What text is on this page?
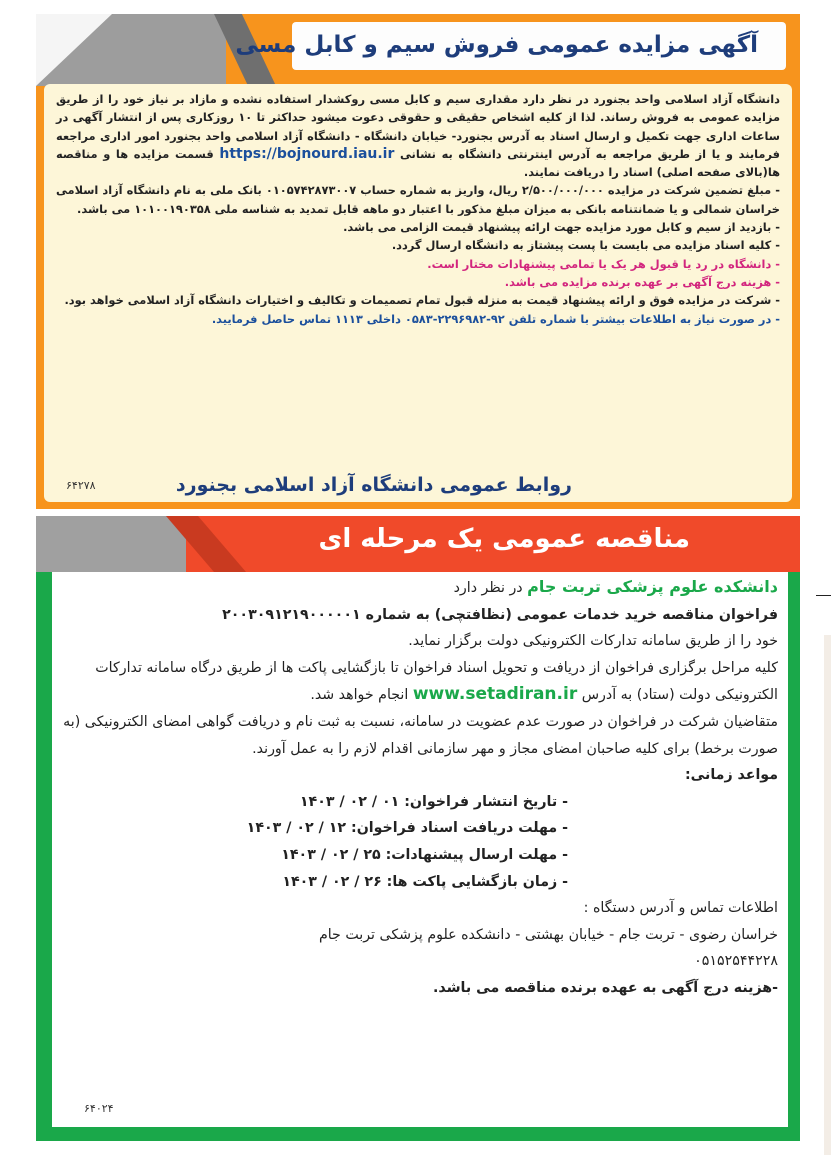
آگهی مزایده عمومی فروش سیم و کابل مسی

دانشگاه آزاد اسلامی واحد بجنورد در نظر دارد مقداری سیم و کابل مسی روکشدار استفاده نشده و مازاد بر نیاز خود را از طریق مزایده عمومی به فروش رساند. لذا از کلیه اشخاص حقیقی و حقوقی دعوت میشود حداکثر تا ۱۰ روزکاری پس از انتشار آگهی در ساعات اداری جهت تکمیل و ارسال اسناد به آدرس بجنورد- خیابان دانشگاه - دانشگاه آزاد اسلامی واحد بجنورد امور اداری مراجعه فرمایند و یا از طریق مراجعه به آدرس اینترنتی دانشگاه به نشانی https://bojnourd.iau.ir قسمت مزایده ها و مناقصه ها(بالای صفحه اصلی) اسناد را دریافت نمایند.

- مبلغ تضمین شرکت در مزایده ۲/۵۰۰/۰۰۰/۰۰۰ ریال، واریز به شماره حساب ۰۱۰۵۷۴۲۸۷۳۰۰۷ بانک ملی به نام دانشگاه آزاد اسلامی خراسان شمالی و یا ضمانتنامه بانکی به میزان مبلغ مذکور با اعتبار دو ماهه قابل تمدید به شناسه ملی ۱۰۱۰۰۱۹۰۳۵۸ می باشد.

- بازدید از سیم و کابل مورد مزایده جهت ارائه پیشنهاد قیمت الزامی می باشد.

- کلیه اسناد مزایده می بایست با پست پیشتاز به دانشگاه ارسال گردد.

- دانشگاه در رد یا قبول هر یک یا تمامی پیشنهادات مختار است.

- هزینه درج آگهی بر عهده برنده مزایده می باشد.

- شرکت در مزایده فوق و ارائه پیشنهاد قیمت به منزله قبول تمام تصمیمات و تکالیف و اختیارات دانشگاه آزاد اسلامی خواهد بود.

- در صورت نیاز به اطلاعات بیشتر با شماره تلفن ۹۲-۲۲۹۶۹۸۲-۰۵۸۳ داخلی ۱۱۱۳ تماس حاصل فرمایید.

روابط عمومی دانشگاه آزاد اسلامی بجنورد
۶۴۲۷۸
مناقصه عمومی یک مرحله ای

دانشکده علوم پزشکی تربت جام در نظر دارد

فراخوان مناقصه خرید خدمات عمومی (نظافتچی) به شماره ۲۰۰۳۰۹۱۲۱۹۰۰۰۰۰۱

خود را از طریق سامانه تدارکات الکترونیکی دولت برگزار نماید.

کلیه مراحل برگزاری فراخوان از دریافت و تحویل اسناد فراخوان تا بازگشایی پاکت ها از طریق درگاه سامانه تدارکات الکترونیکی دولت (ستاد) به آدرس www.setadiran.ir انجام خواهد شد.

متقاضیان شرکت در فراخوان در صورت عدم عضویت در سامانه، نسبت به ثبت نام و دریافت گواهی امضای الکترونیکی (به صورت برخط) برای کلیه صاحبان امضای مجاز و مهر سازمانی اقدام لازم را به عمل آورند.

مواعد زمانی:

- تاریخ انتشار فراخوان: ۰۱ / ۰۲ / ۱۴۰۳

- مهلت دریافت اسناد فراخوان: ۱۲ / ۰۲ / ۱۴۰۳

- مهلت ارسال پیشنهادات: ۲۵ / ۰۲ / ۱۴۰۳

- زمان بازگشایی پاکت ها: ۲۶ / ۰۲ / ۱۴۰۳

اطلاعات تماس و آدرس دستگاه :

خراسان رضوی - تربت جام - خیابان بهشتی - دانشکده علوم پزشکی تربت جام

۰۵۱۵۲۵۴۴۲۲۸

-هزینه درج آگهی به عهده برنده مناقصه می باشد.

۶۴۰۲۴
